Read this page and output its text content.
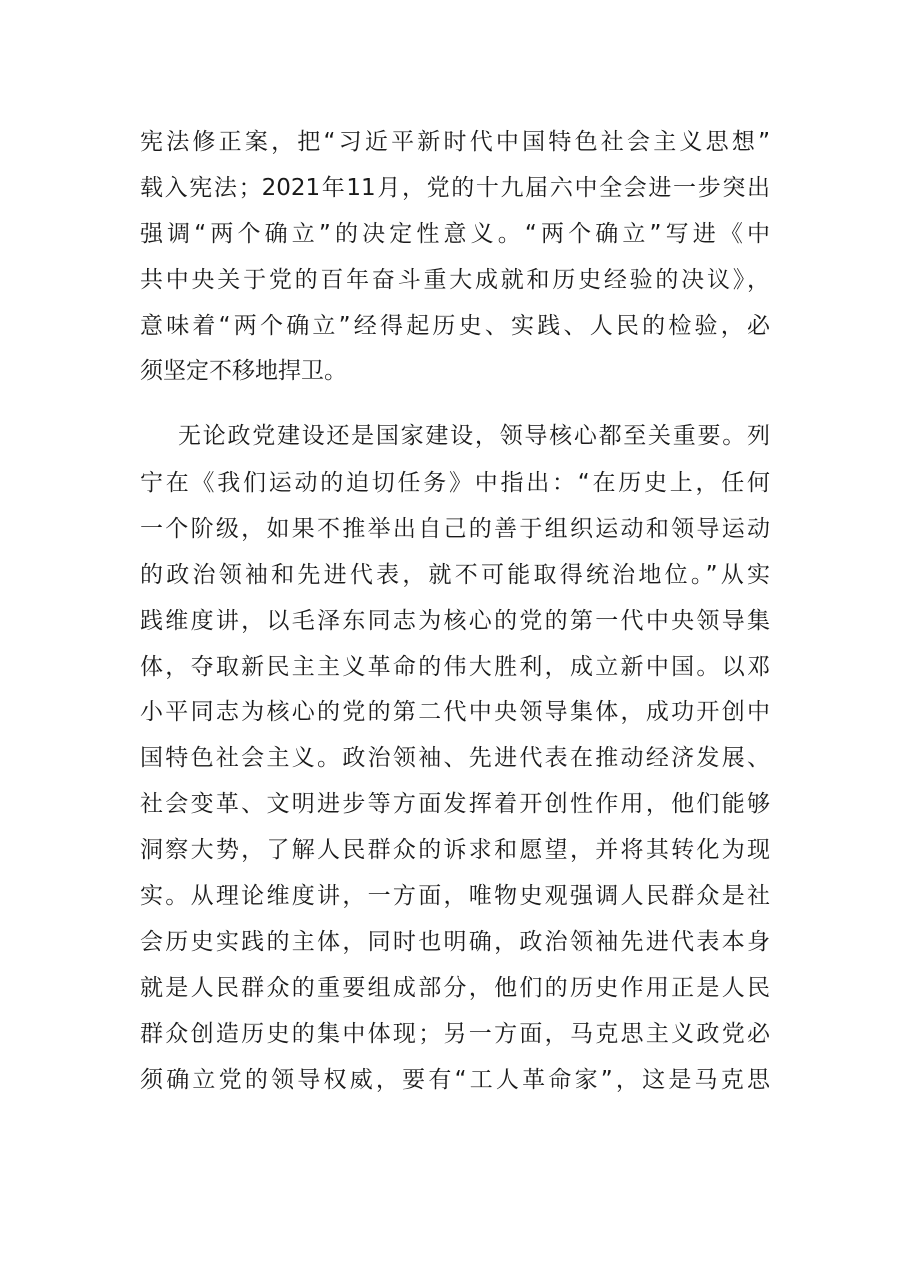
宪法修正案，把“习近平新时代中国特色社会主义思想”
载入宪法；2021年11月，党的十九届六中全会进一步突出
强调“两个确立”的决定性意义。“两个确立”写进《中
共中央关于党的百年奋斗重大成就和历史经验的决议》，
意味着“两个确立”经得起历史、实践、人民的检验，必
须坚定不移地捍卫。
无论政党建设还是国家建设，领导核心都至关重要。列
宁在《我们运动的迫切任务》中指出：“在历史上，任何
一个阶级，如果不推举出自己的善于组织运动和领导运动
的政治领袖和先进代表，就不可能取得统治地位。”从实
践维度讲，以毛泽东同志为核心的党的第一代中央领导集
体，夺取新民主主义革命的伟大胜利，成立新中国。以邓
小平同志为核心的党的第二代中央领导集体，成功开创中
国特色社会主义。政治领袖、先进代表在推动经济发展、
社会变革、文明进步等方面发挥着开创性作用，他们能够
洞察大势，了解人民群众的诉求和愿望，并将其转化为现
实。从理论维度讲，一方面，唯物史观强调人民群众是社
会历史实践的主体，同时也明确，政治领袖先进代表本身
就是人民群众的重要组成部分，他们的历史作用正是人民
群众创造历史的集中体现；另一方面，马克思主义政党必
须确立党的领导权威，要有“工人革命家”，这是马克思
